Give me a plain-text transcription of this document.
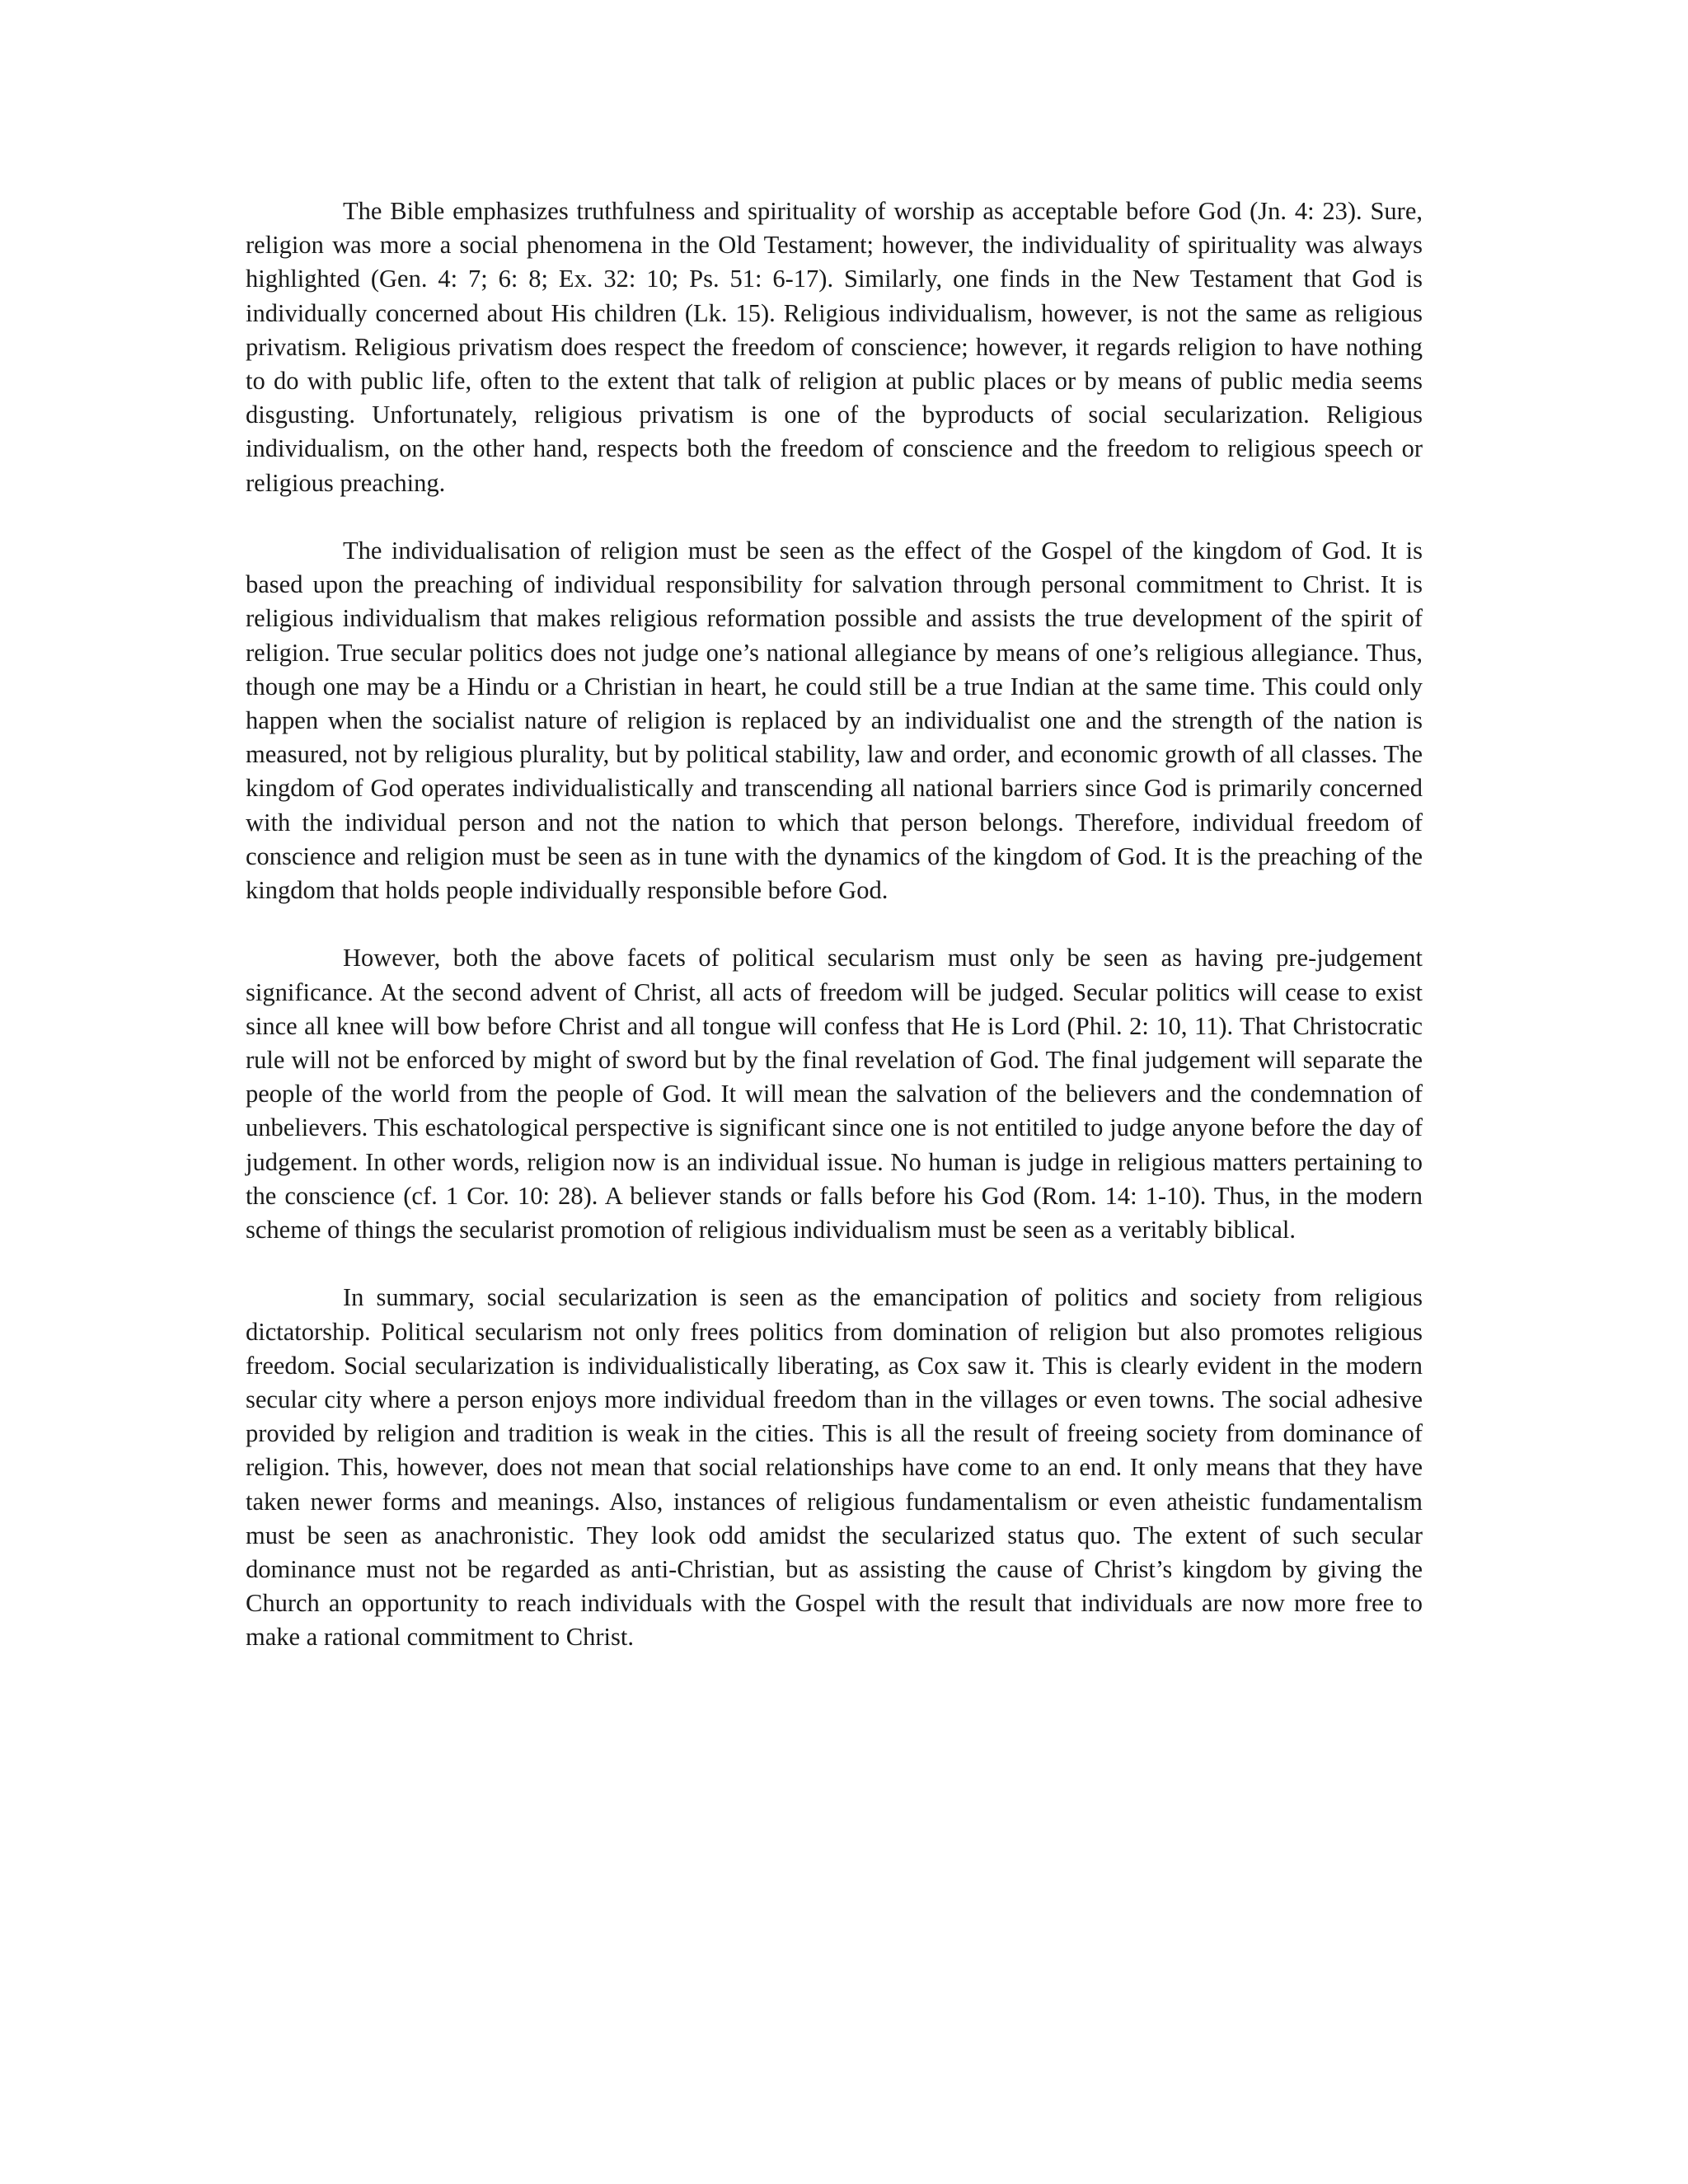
The Bible emphasizes truthfulness and spirituality of worship as acceptable before God (Jn. 4: 23). Sure, religion was more a social phenomena in the Old Testament; however, the individuality of spirituality was always highlighted (Gen. 4: 7; 6: 8; Ex. 32: 10; Ps. 51: 6-17). Similarly, one finds in the New Testament that God is individually concerned about His children (Lk. 15). Religious individualism, however, is not the same as religious privatism. Religious privatism does respect the freedom of conscience; however, it regards religion to have nothing to do with public life, often to the extent that talk of religion at public places or by means of public media seems disgusting. Unfortunately, religious privatism is one of the byproducts of social secularization. Religious individualism, on the other hand, respects both the freedom of conscience and the freedom to religious speech or religious preaching.

The individualisation of religion must be seen as the effect of the Gospel of the kingdom of God. It is based upon the preaching of individual responsibility for salvation through personal commitment to Christ. It is religious individualism that makes religious reformation possible and assists the true development of the spirit of religion. True secular politics does not judge one’s national allegiance by means of one’s religious allegiance. Thus, though one may be a Hindu or a Christian in heart, he could still be a true Indian at the same time. This could only happen when the socialist nature of religion is replaced by an individualist one and the strength of the nation is measured, not by religious plurality, but by political stability, law and order, and economic growth of all classes. The kingdom of God operates individualistically and transcending all national barriers since God is primarily concerned with the individual person and not the nation to which that person belongs. Therefore, individual freedom of conscience and religion must be seen as in tune with the dynamics of the kingdom of God. It is the preaching of the kingdom that holds people individually responsible before God.

However, both the above facets of political secularism must only be seen as having pre-judgement significance. At the second advent of Christ, all acts of freedom will be judged. Secular politics will cease to exist since all knee will bow before Christ and all tongue will confess that He is Lord (Phil. 2: 10, 11). That Christocratic rule will not be enforced by might of sword but by the final revelation of God. The final judgement will separate the people of the world from the people of God. It will mean the salvation of the believers and the condemnation of unbelievers. This eschatological perspective is significant since one is not entitiled to judge anyone before the day of judgement. In other words, religion now is an individual issue. No human is judge in religious matters pertaining to the conscience (cf. 1 Cor. 10: 28). A believer stands or falls before his God (Rom. 14: 1-10). Thus, in the modern scheme of things the secularist promotion of religious individualism must be seen as a veritably biblical.

In summary, social secularization is seen as the emancipation of politics and society from religious dictatorship. Political secularism not only frees politics from domination of religion but also promotes religious freedom. Social secularization is individualistically liberating, as Cox saw it. This is clearly evident in the modern secular city where a person enjoys more individual freedom than in the villages or even towns. The social adhesive provided by religion and tradition is weak in the cities. This is all the result of freeing society from dominance of religion. This, however, does not mean that social relationships have come to an end. It only means that they have taken newer forms and meanings. Also, instances of religious fundamentalism or even atheistic fundamentalism must be seen as anachronistic. They look odd amidst the secularized status quo. The extent of such secular dominance must not be regarded as anti-Christian, but as assisting the cause of Christ’s kingdom by giving the Church an opportunity to reach individuals with the Gospel with the result that individuals are now more free to make a rational commitment to Christ.
